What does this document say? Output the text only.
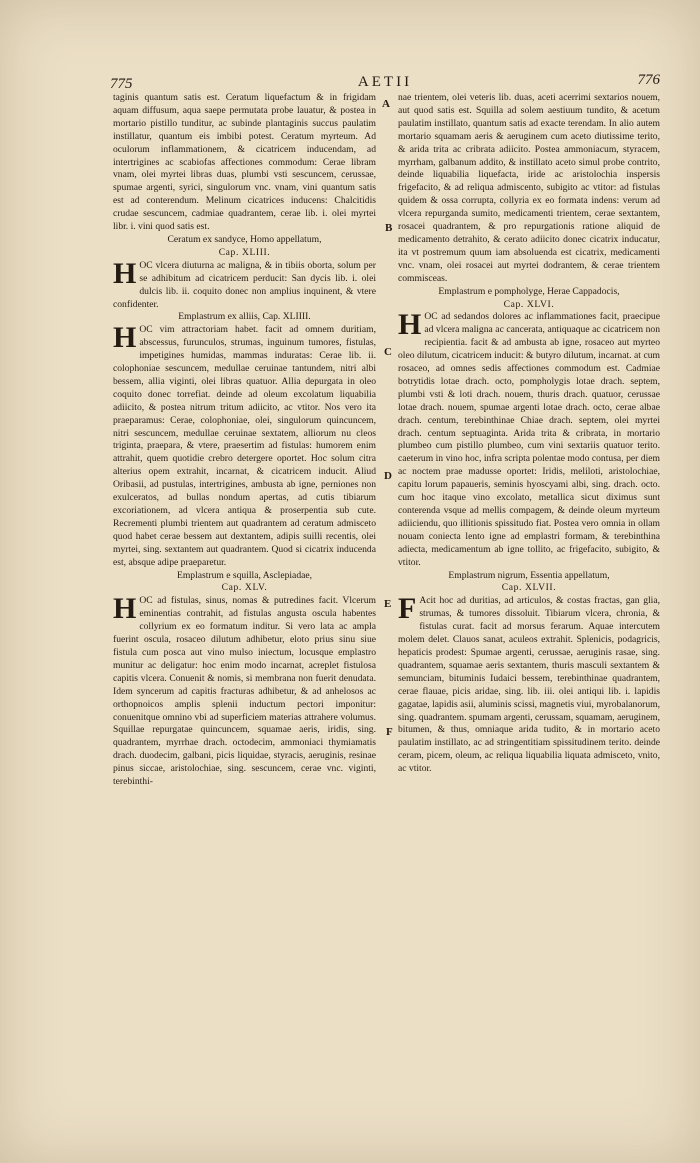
775	AETII	776

taginis quantum satis est. Ceratum liquefactum & in frigidam aquam diffusum, aqua saepe permutata probe lauatur, & postea in mortario pistillo tunditur, ac subinde plantaginis succus paulatim instillatur, quantum eis imbibi potest. Ceratum myrteum. Ad oculorum inflammationem, & cicatricem inducendam, ad intertrigines ac scabiofas affectiones commodum: Cerae libram vnam, olei myrtei libras duas, plumbi vsti sescuncem, cerussae, spumae argenti, syrici, singulorum vnc. vnam, vini quantum satis est ad conterendum. Melinum cicatrices inducens: Chalcitidis crudae sescuncem, cadmiae quadrantem, cerae lib. i. olei myrtei libr. i. vini quod satis est.

Ceratum ex sandyce, Homo appellatum,

Cap. XLIII.

HOC vlcera diuturna ac maligna, & in tibiis oborta, solum per se adhibitum ad cicatricem perducit: San dycis lib. i. olei dulcis lib. ii. coquito donec non amplius inquinent, & vtere confidenter.

Emplastrum ex alliis, Cap. XLIIII.

HOC vim attractoriam habet. facit ad omnem duritiam, abscessus, furunculos, strumas, inguinum tumores, fistulas, impetigines humidas, mammas induratas: Cerae lib. ii. colophoniae sescuncem, medullae ceruinae tantundem, nitri albi bessem, allia viginti, olei libras quatuor. Allia depurgata in oleo coquito donec torrefiat. deinde ad oleum excolatum liquabilia adiicito, & postea nitrum tritum adiicito, ac vtitor. Nos vero ita praeparamus: Cerae, colophoniae, olei, singulorum quincuncem, nitri sescuncem, medullae ceruinae sextatem, alliorum nu cleos triginta, praepara, & vtere, praesertim ad fistulas: humorem enim attrahit, quem quotidie crebro detergere oportet. Hoc solum citra alterius opem extrahit, incarnat, & cicatricem inducit. Aliud Oribasii, ad pustulas, intertrigines, ambusta ab igne, perniones non exulceratos, ad bullas nondum apertas, ad cutis tibiarum excoriationem, ad vlcera antiqua & proserpentia sub cute. Recrementi plumbi trientem aut quadrantem ad ceratum admisceto quod habet cerae bessem aut dextantem, adipis suilli recentis, olei myrtei, sing. sextantem aut quadrantem. Quod si cicatrix inducenda est, absque adipe praeparetur.

Emplastrum e squilla, Asclepiadae,

Cap. XLV.

HOC ad fistulas, sinus, nomas & putredines facit. Vlcerum eminentias contrahit, ad fistulas angusta osculа habentes collyrium ex eo formatum inditur. Si vero lata ac ampla fuerint oscula, rosaceo dilutum adhibetur, eloto prius sinu siue fistula cum posca aut vino mulso iniectum, locusque emplastro munitur ac deligatur: hoc enim modo incarnat, acreplet fistulosa capitis vlcera. Conuenit & nomis, si membrana non fuerit denudata. Idem syncerum ad capitis fracturas adhibetur, & ad anhelosos ac orthopnoicos amplis splenii inductum pectori imponitur: conuenitque omnino vbi ad superficiem materias attrahere volumus. Squillae repurgatae quincuncem, squamae aeris, iridis, sing. quadrantem, myrrhae drach. octodecim, ammoniaci thymiamatis drach. duodecim, galbani, picis liquidae, styracis, aeruginis, resinae pinus siccae, aristolochiae, sing. sescuncem, cerae vnc. viginti, terebinthi-

nae trientem, olei veteris lib. duas, aceti acerrimi sextarios nouem, aut quod satis est. Squilla ad solem aestiuum tundito, & acetum paulatim instillato, quantum satis ad exacte terendam. In alio autem mortario squamam aeris & aeruginem cum aceto diutissime terito, & arida trita ac cribrata adiicito. Postea ammoniacum, styracem, myrrham, galbanum addito, & instillato aceto simul probe contrito, deinde liquabilia liquefacta, iride ac aristolochia inspersis frigefacito, & ad reliqua admiscento, subigito ac vtitor: ad fistulas quidem & ossa corrupta, collyria ex eo formata indens: verum ad vlcera repurganda sumito, medicamenti trientem, cerae sextantem, rosacei quadrantem, & pro repurgationis ratione aliquid de medicamento detrahito, & cerato adiicito donec cicatrix inducatur, ita vt postremum quum iam absoluenda est cicatrix, medicamenti vnc. vnam, olei rosacei aut myrtei dodrantem, & cerae trientem commisceas.

Emplastrum e pompholyge, Herae Cappadocis,

Cap. XLVI.

HOC ad sedandos dolores ac inflammationes facit, praecipue ad vlcera maligna ac cancerata, antiquaque ac cicatricem non recipientia. facit & ad ambusta ab igne, rosaceo aut myrteo oleo dilutum, cicatricem inducit: & butyro dilutum, incarnat. at cum rosaceo, ad omnes sedis affectiones commodum est. Cadmiae botrytidis lotae drach. octo, pompholygis lotae drach. septem, plumbi vsti & loti drach. nouem, thuris drach. quatuor, cerussae lotae drach. nouem, spumae argenti lotae drach. octo, cerae albae drach. centum, terebinthinae Chiae drach. septem, olei myrtei drach. centum septuaginta. Arida trita & cribrata, in mortario plumbeo cum pistillo plumbeo, cum vini sextariis quatuor terito. caeterum in vino hoc, infra scripta polentae modo contusa, per diem ac noctem prae madusse oportet: Iridis, meliloti, aristolochiae, capitu lorum papaueris, seminis hyoscyami albi, sing. drach. octo. cum hoc itaque vino excolato, metallica sicut diximus sunt conterenda vsque ad mellis compagem, & deinde oleum myrteum adiiciendu, quo illitionis spissitudo fiat. Postea vero omnia in ollam nouam coniecta lento igne ad emplastri formam, & terebinthina adiecta, medicamentum ab igne tollito, ac frigefacito, subigito, & vtitor.

Emplastrum nigrum, Essentia appellatum,

Cap. XLVII.

F Acit hoc ad duritias, ad articulos, & costas fractas, gan glia, strumas, & tumores dissoluit. Tibiarum vlcera, chronia, & fistulas curat. facit ad morsus ferarum. Aquae intercutem molem delet. Clauos sanat, aculeos extrahit. Splenicis, podagricis, hepaticis prodest: Spumae argenti, cerussae, aeruginis rasae, sing. quadrantem, squamae aeris sextantem, thuris masculi sextantem & semunciam, bituminis Iudaici bessem, terebinthinae quadrantem, cerae flauae, picis aridae, sing. lib. iii. olei antiqui lib. i. lapidis gagatae, lapidis asii, aluminis scissi, magnetis viui, myrobalanorum, sing. quadrantem. spumam argenti, cerussam, squamam, aeruginem, bitumen, & thus, omniaque arida tudito, & in mortario aceto paulatim instillato, ac ad stringentitiam spissitudinem terito. deinde ceram, picem, oleum, ac reliqua liquabilia liquata admisceto, vnito, ac vtitor.

A
B
C
D
E
F
